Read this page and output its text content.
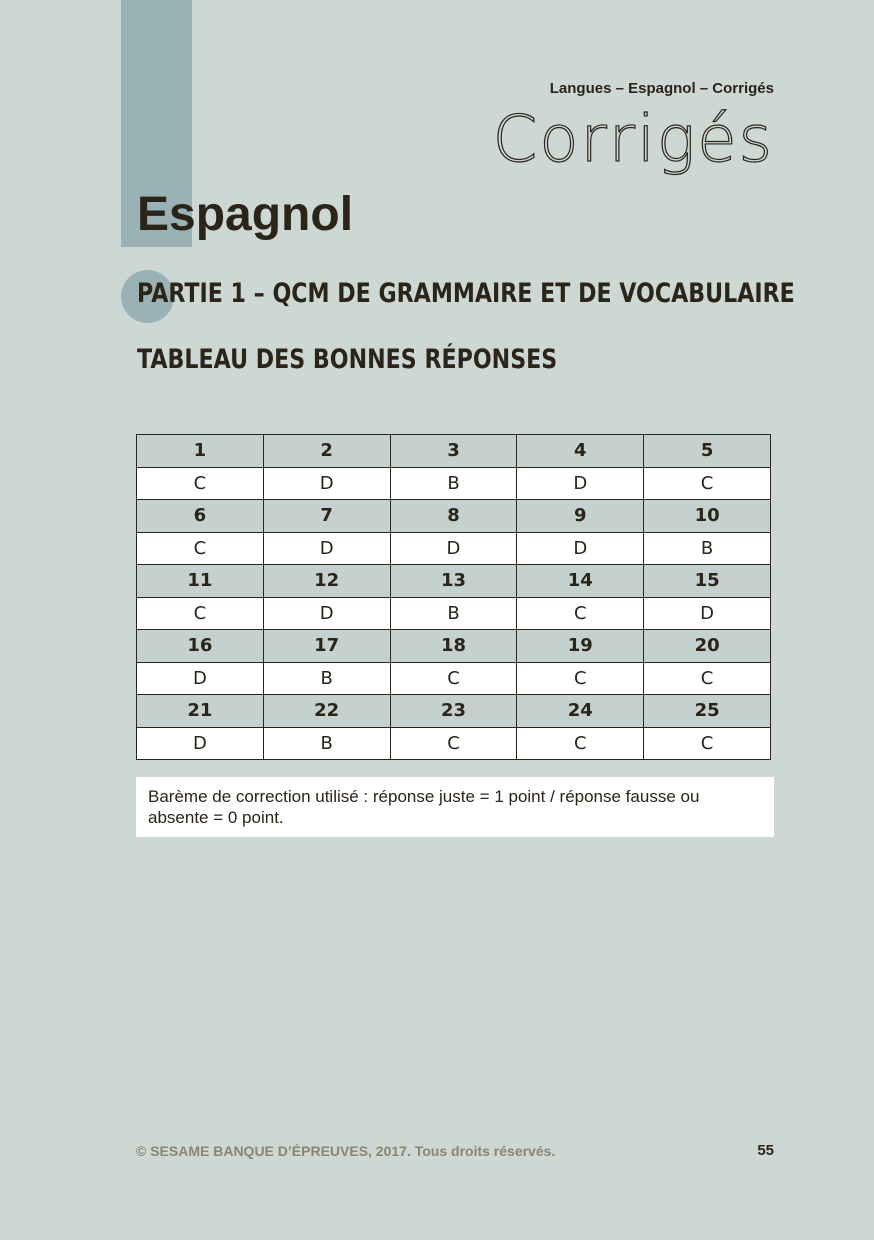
Langues – Espagnol – Corrigés
Corrigés
Espagnol
PARTIE 1 – QCM DE GRAMMAIRE ET DE VOCABULAIRE
TABLEAU DES BONNES RÉPONSES
1	2	3	4	5
C	D	B	D	C
6	7	8	9	10
C	D	D	D	B
11	12	13	14	15
C	D	B	C	D
16	17	18	19	20
D	B	C	C	C
21	22	23	24	25
D	B	C	C	C
Barème de correction utilisé : réponse juste = 1 point / réponse fausse ou absente = 0 point.
© SESAME BANQUE D’ÉPREUVES, 2017. Tous droits réservés.	55
